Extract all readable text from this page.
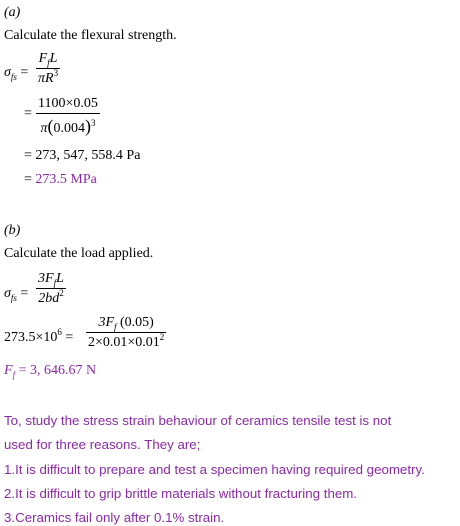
(a)
Calculate the flexural strength.
$\sigma_{fs}$ =
$F_fL$
$\pi R^3$
=
1100×0.05
$\pi(0.004)^3$
= 273, 547, 558.4 Pa
= 273.5 MPa
(b)
Calculate the load applied.
$\sigma_{fs}$ =
$3F_fL$
$2bd^2$
$273.5\times 10^6$ =
$3F_f$ (0.05)
$2\times 0.01\times 0.01^2$
$F_f = 3$, 646.67 N
To, study the stress strain behaviour of ceramics tensile test is not
used for three reasons. They are;
1.It is difficult to prepare and test a specimen having required geometry.
2.It is difficult to grip brittle materials without fracturing them.
3.Ceramics fail only after 0.1% strain.
